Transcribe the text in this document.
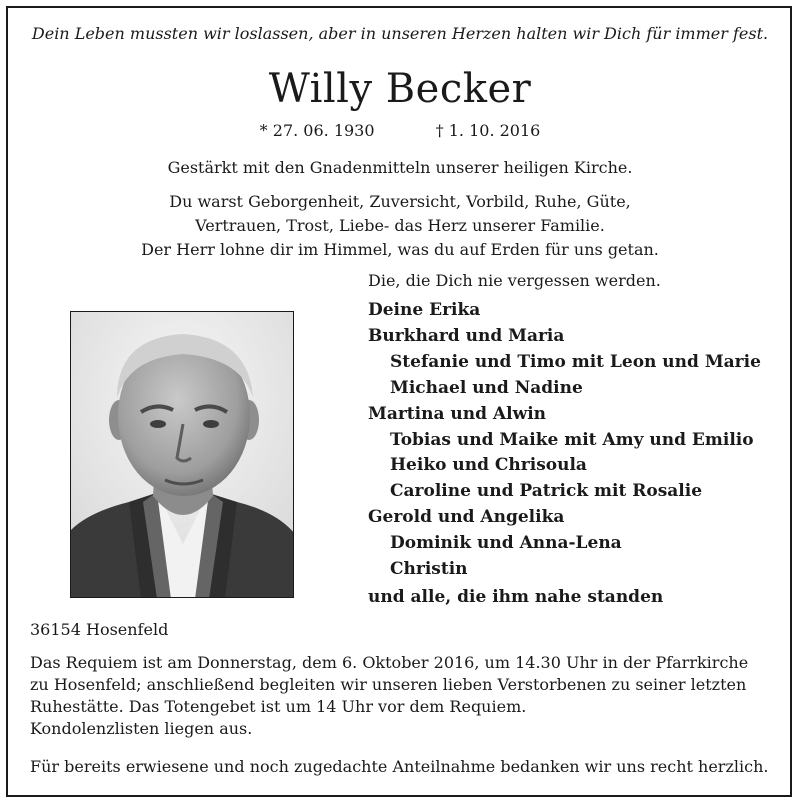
Dein Leben mussten wir loslassen, aber in unseren Herzen halten wir Dich für immer fest.
Willy Becker
* 27. 06. 1930	† 1. 10. 2016
Gestärkt mit den Gnadenmitteln unserer heiligen Kirche.
Du warst Geborgenheit, Zuversicht, Vorbild, Ruhe, Güte,
Vertrauen, Trost, Liebe- das Herz unserer Familie.
Der Herr lohne dir im Himmel, was du auf Erden für uns getan.
Die, die Dich nie vergessen werden.
Deine Erika
Burkhard und Maria
Stefanie und Timo mit Leon und Marie
Michael und Nadine
Martina und Alwin
Tobias und Maike mit Amy und Emilio
Heiko und Chrisoula
Caroline und Patrick mit Rosalie
Gerold und Angelika
Dominik und Anna-Lena
Christin
und alle, die ihm nahe standen
36154 Hosenfeld
Das Requiem ist am Donnerstag, dem 6. Oktober 2016, um 14.30 Uhr in der Pfarrkirche
zu Hosenfeld; anschließend begleiten wir unseren lieben Verstorbenen zu seiner letzten
Ruhestätte. Das Totengebet ist um 14 Uhr vor dem Requiem.
Kondolenzlisten liegen aus.
Für bereits erwiesene und noch zugedachte Anteilnahme bedanken wir uns recht herzlich.
